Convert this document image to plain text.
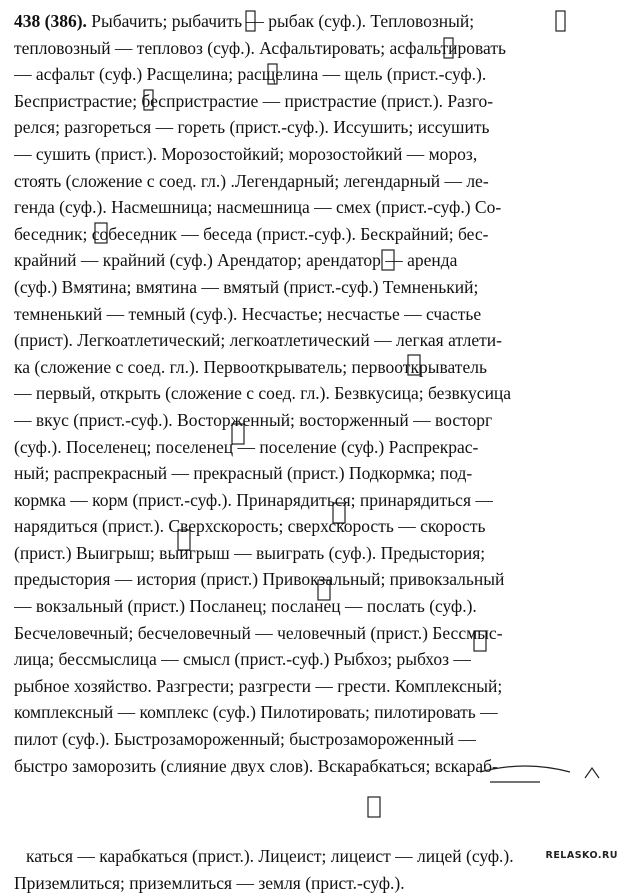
438 (386). Рыбачить; рыбачить — рыбак (суф.). Тепловозный;
тепловозный — тепловоз (суф.). Асфальтировать; асфальтировать
— асфальт (суф.) Расщелина; расщелина — щель (прист.-суф.).
Беспристрастие; беспристрастие — пристрастие (прист.). Разго-
релся; разгореться — гореть (прист.-суф.). Иссушить; иссушить
— сушить (прист.). Морозостойкий; морозостойкий — мороз,
стоять (сложение с соед. гл.) .Легендарный; легендарный — ле-
генда (суф.). Насмешница; насмешница — смех (прист.-суф.) Со-
беседник; собеседник — беседа (прист.-суф.). Бескрайний; бес-
крайний — крайний (суф.) Арендатор; арендатор — аренда
(суф.) Вмятина; вмятина — вмятый (прист.-суф.) Темненький;
темненький — темный (суф.). Несчастье; несчастье — счастье
(прист). Легкоатлетический; легкоатлетический — легкая атлети-
ка (сложение с соед. гл.). Первооткрыватель; первооткрыватель
— первый, открыть (сложение с соед. гл.). Безвкусица; безвкусица
— вкус (прист.-суф.). Восторженный; восторженный — восторг
(суф.). Поселенец; поселенец — поселение (суф.) Распрекрас-
ный; распрекрасный — прекрасный (прист.) Подкормка; под-
кормка — корм (прист.-суф.). Принарядиться; принарядиться —
нарядиться (прист.). Сверхскорость; сверхскорость — скорость
(прист.) Выигрыш; выигрыш — выиграть (суф.). Предыстория;
предыстория — история (прист.) Привокзальный; привокзальный
— вокзальный (прист.) Посланец; посланец — послать (суф.).
Бесчеловечный; бесчеловечный — человечный (прист.) Бессмыс-
лица; бессмыслица — смысл (прист.-суф.) Рыбхоз; рыбхоз —
рыбное хозяйство. Разгрести; разгрести — грести. Комплексный;
комплексный — комплекс (суф.) Пилотировать; пилотировать —
пилот (суф.). Быстрозамороженный; быстрозамороженный —
быстро заморозить (слияние двух слов). Вскарабкаться; вскараб-
каться — карабкаться (прист.). Лицеист; лицеист — лицей (суф.).
Приземлиться; приземлиться — земля (прист.-суф.).
RELASKO.RU
